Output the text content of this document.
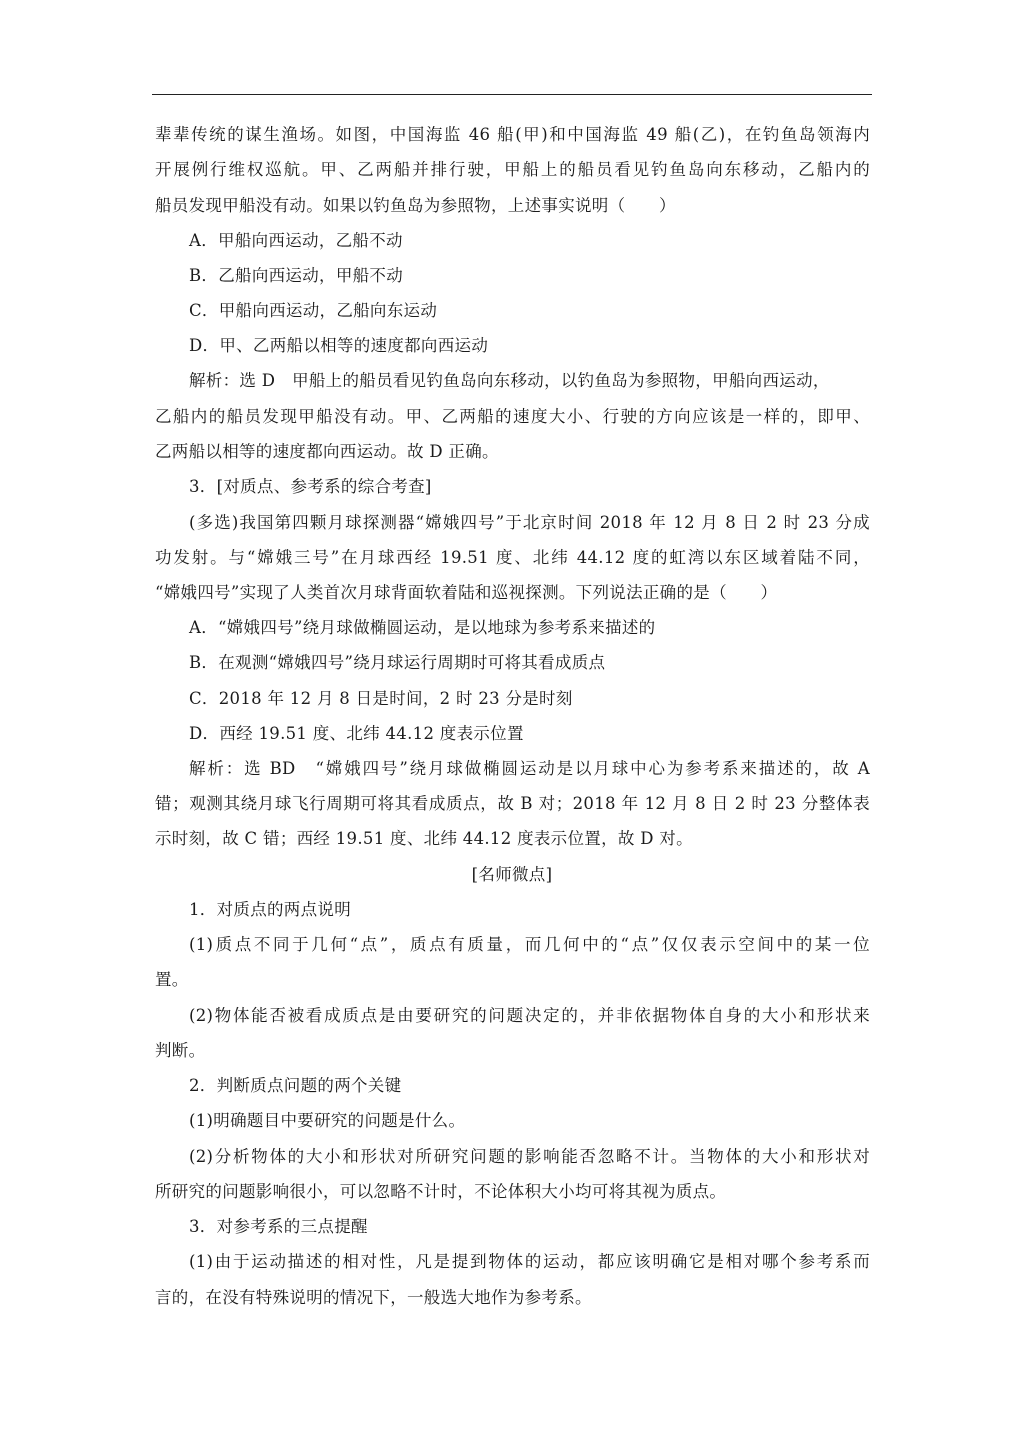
辈辈传统的谋生渔场。如图，中国海监 46 船(甲)和中国海监 49 船(乙)，在钓鱼岛领海内
开展例行维权巡航。甲、乙两船并排行驶，甲船上的船员看见钓鱼岛向东移动，乙船内的
船员发现甲船没有动。如果以钓鱼岛为参照物，上述事实说明（　　）
A．甲船向西运动，乙船不动
B．乙船向西运动，甲船不动
C．甲船向西运动，乙船向东运动
D．甲、乙两船以相等的速度都向西运动
解析：选 D　甲船上的船员看见钓鱼岛向东移动，以钓鱼岛为参照物，甲船向西运动，
乙船内的船员发现甲船没有动。甲、乙两船的速度大小、行驶的方向应该是一样的，即甲、
乙两船以相等的速度都向西运动。故 D 正确。
3．[对质点、参考系的综合考查]
(多选)我国第四颗月球探测器“嫦娥四号”于北京时间 2018 年 12 月 8 日 2 时 23 分成
功发射。与“嫦娥三号”在月球西经 19.51 度、北纬 44.12 度的虹湾以东区域着陆不同，
“嫦娥四号”实现了人类首次月球背面软着陆和巡视探测。下列说法正确的是（　　）
A．“嫦娥四号”绕月球做椭圆运动，是以地球为参考系来描述的
B．在观测“嫦娥四号”绕月球运行周期时可将其看成质点
C．2018 年 12 月 8 日是时间，2 时 23 分是时刻
D．西经 19.51 度、北纬 44.12 度表示位置
解析：选 BD　“嫦娥四号”绕月球做椭圆运动是以月球中心为参考系来描述的，故 A
错；观测其绕月球飞行周期可将其看成质点，故 B 对；2018 年 12 月 8 日 2 时 23 分整体表
示时刻，故 C 错；西经 19.51 度、北纬 44.12 度表示位置，故 D 对。
[名师微点]
1．对质点的两点说明
(1)质点不同于几何“点”，质点有质量，而几何中的“点”仅仅表示空间中的某一位
置。
(2)物体能否被看成质点是由要研究的问题决定的，并非依据物体自身的大小和形状来
判断。
2．判断质点问题的两个关键
(1)明确题目中要研究的问题是什么。
(2)分析物体的大小和形状对所研究问题的影响能否忽略不计。当物体的大小和形状对
所研究的问题影响很小，可以忽略不计时，不论体积大小均可将其视为质点。
3．对参考系的三点提醒
(1)由于运动描述的相对性，凡是提到物体的运动，都应该明确它是相对哪个参考系而
言的，在没有特殊说明的情况下，一般选大地作为参考系。
